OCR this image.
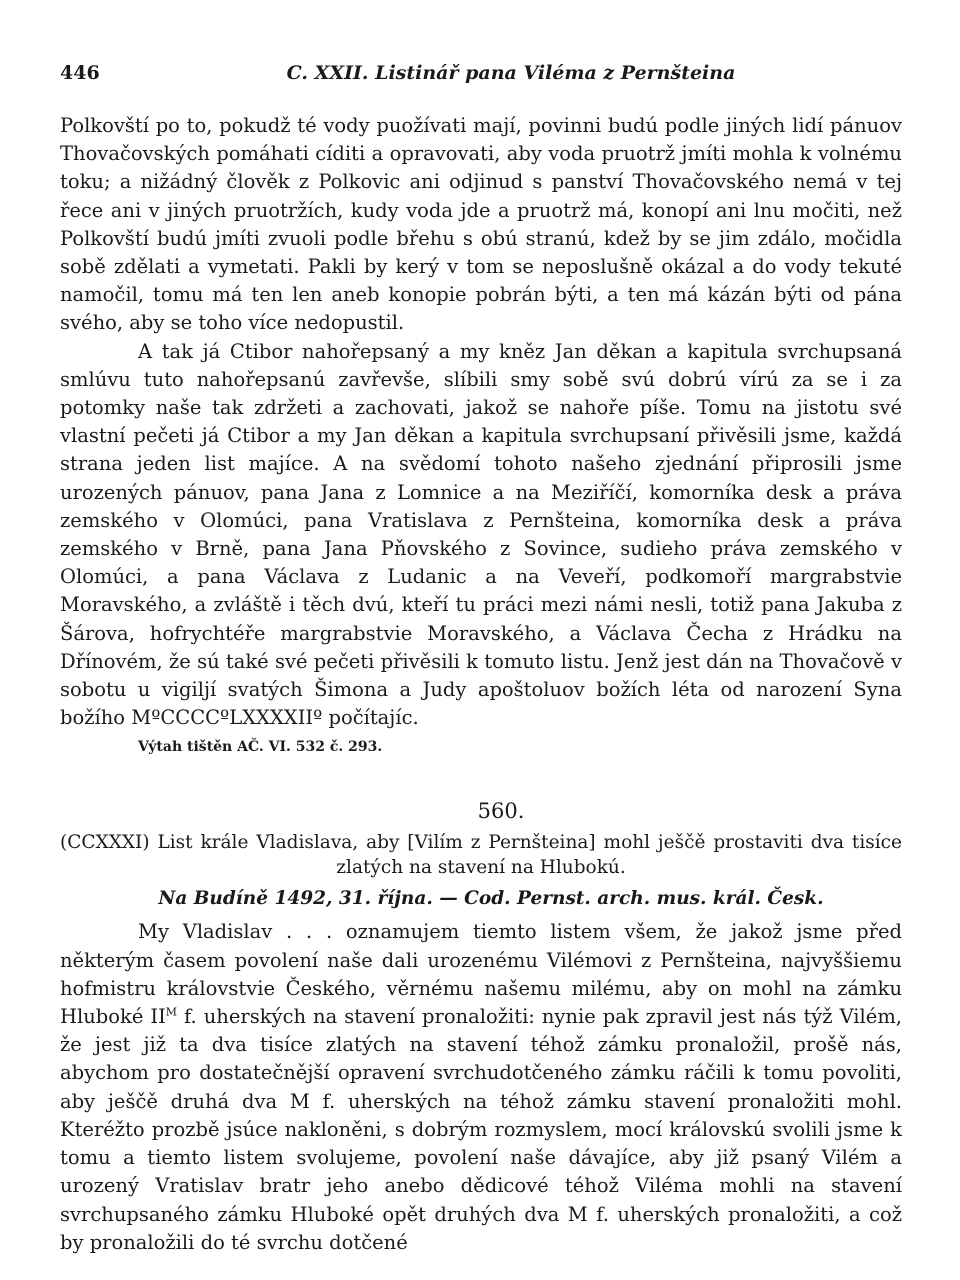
446	C. XXII. Listinář pana Viléma z Pernšteina

Polkovští po to, pokudž té vody puožívati mají, povinni budú podle jiných lidí pánuov Thovačovských pomáhati cíditi a opravovati, aby voda pruotrž jmíti mohla k volnému toku; a nižádný člověk z Polkovic ani odjinud s panství Thovačovského nemá v tej řece ani v jiných pruotržích, kudy voda jde a pruotrž má, konopí ani lnu močiti, než Polkovští budú jmíti zvuoli podle břehu s obú stranú, kdež by se jim zdálo, močidla sobě zdělati a vymetati. Pakli by kerý v tom se neposlušně okázal a do vody tekuté namočil, tomu má ten len aneb konopie pobrán býti, a ten má kázán býti od pána svého, aby se toho více nedopustil.

A tak já Ctibor nahořepsaný a my kněz Jan děkan a kapitula svrchupsaná smlúvu tuto nahořepsanú zavřevše, slíbili smy sobě svú dobrú vírú za se i za potomky naše tak zdržeti a zachovati, jakož se nahoře píše. Tomu na jistotu své vlastní pečeti já Ctibor a my Jan děkan a kapitula svrchupsaní přivěsili jsme, každá strana jeden list majíce. A na svědomí tohoto našeho zjednání připrosili jsme urozených pánuov, pana Jana z Lomnice a na Meziříčí, komorníka desk a práva zemského v Olomúci, pana Vratislava z Pernšteina, komorníka desk a práva zemského v Brně, pana Jana Pňovského z Sovince, sudieho práva zemského v Olomúci, a pana Václava z Ludanic a na Veveří, podkomoří margrabstvie Moravského, a zvláště i těch dvú, kteří tu práci mezi námi nesli, totiž pana Jakuba z Šárova, hofrychtéře margrabstvie Moravského, a Václava Čecha z Hrádku na Dřínovém, že sú také své pečeti přivěsili k tomuto listu. Jenž jest dán na Thovačově v sobotu u vigiljí svatých Šimona a Judy apoštoluov božích léta od narození Syna božího MºCCCCºLXXXXIIº počítajíc.

Výtah tištěn AČ. VI. 532 č. 293.
560.
(CCXXXI) List krále Vladislava, aby [Vilím z Pernšteina] mohl ješčě prostaviti dva tisíce
zlatých na stavení na Hlubokú.
Na Budíně 1492, 31. října. — Cod. Pernst. arch. mus. král. Česk.

My Vladislav . . . oznamujem tiemto listem všem, že jakož jsme před některým časem povolení naše dali urozenému Vilémovi z Pernšteina, najvyššiemu hofmistru královstvie Českého, věrnému našemu milému, aby on mohl na zámku Hluboké $II^M$ f. uherských na stavení pronaložiti: nynie pak zpravil jest nás týž Vilém, že jest již ta dva tisíce zlatých na stavení téhož zámku pronaložil, prošě nás, abychom pro dostatečnější opravení svrchudotčeného zámku ráčili k tomu povoliti, aby ješčě druhá dva M f. uherských na téhož zámku stavení pronaložiti mohl. Kteréžto prozbě jsúce nakloněni, s dobrým rozmyslem, mocí královskú svolili jsme k tomu a tiemto listem svolujeme, povolení naše dávajíce, aby již psaný Vilém a urozený Vratislav bratr jeho anebo dědicové téhož Viléma mohli na stavení svrchupsaného zámku Hluboké opět druhých dva M f. uherských pronaložiti, a což by pronaložili do té svrchu dotčené
